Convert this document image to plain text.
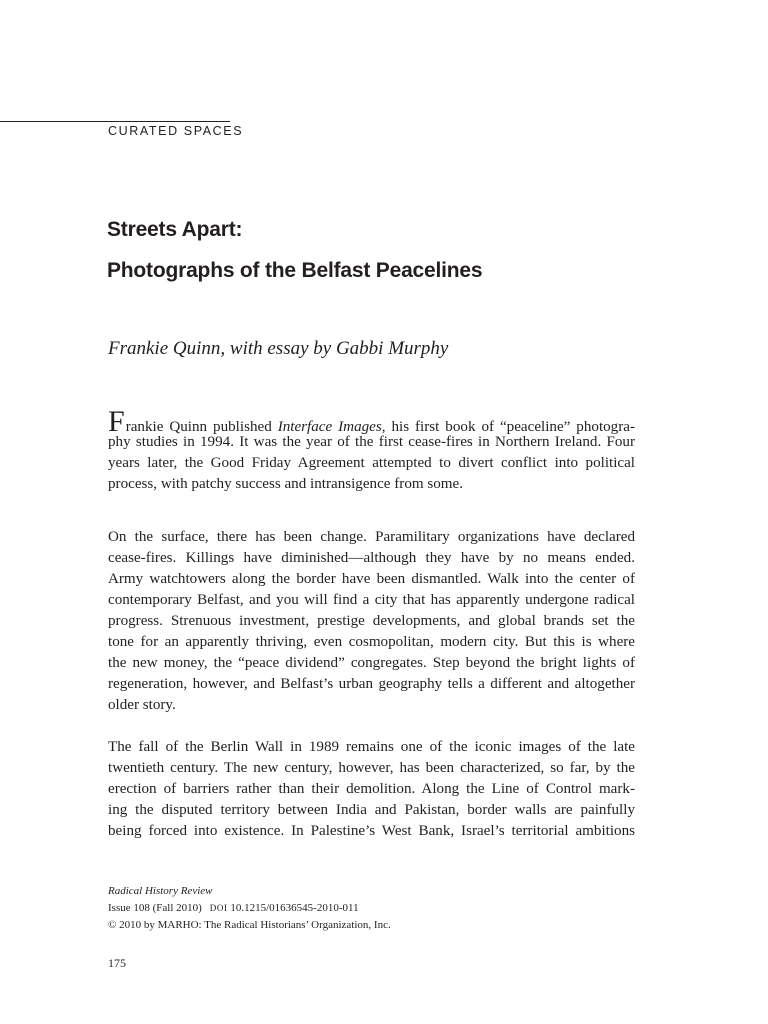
CURATED SPACES
Streets Apart:
Photographs of the Belfast Peacelines
Frankie Quinn, with essay by Gabbi Murphy
Frankie Quinn published Interface Images, his first book of “peaceline” photogra-
phy studies in 1994. It was the year of the first cease-fires in Northern Ireland. Four
years later, the Good Friday Agreement attempted to divert conflict into political
process, with patchy success and intransigence from some.
On the surface, there has been change. Paramilitary organizations have declared
cease-fires. Killings have diminished—although they have by no means ended.
Army watchtowers along the border have been dismantled. Walk into the center of
contemporary Belfast, and you will find a city that has apparently undergone radical
progress. Strenuous investment, prestige developments, and global brands set the
tone for an apparently thriving, even cosmopolitan, modern city. But this is where
the new money, the “peace dividend” congregates. Step beyond the bright lights of
regeneration, however, and Belfast’s urban geography tells a different and altogether
older story.
The fall of the Berlin Wall in 1989 remains one of the iconic images of the late
twentieth century. The new century, however, has been characterized, so far, by the
erection of barriers rather than their demolition. Along the Line of Control mark-
ing the disputed territory between India and Pakistan, border walls are painfully
being forced into existence. In Palestine’s West Bank, Israel’s territorial ambitions
Radical History Review
Issue 108 (Fall 2010) DOI 10.1215/01636545-2010-011
© 2010 by MARHO: The Radical Historians’ Organization, Inc.
175
